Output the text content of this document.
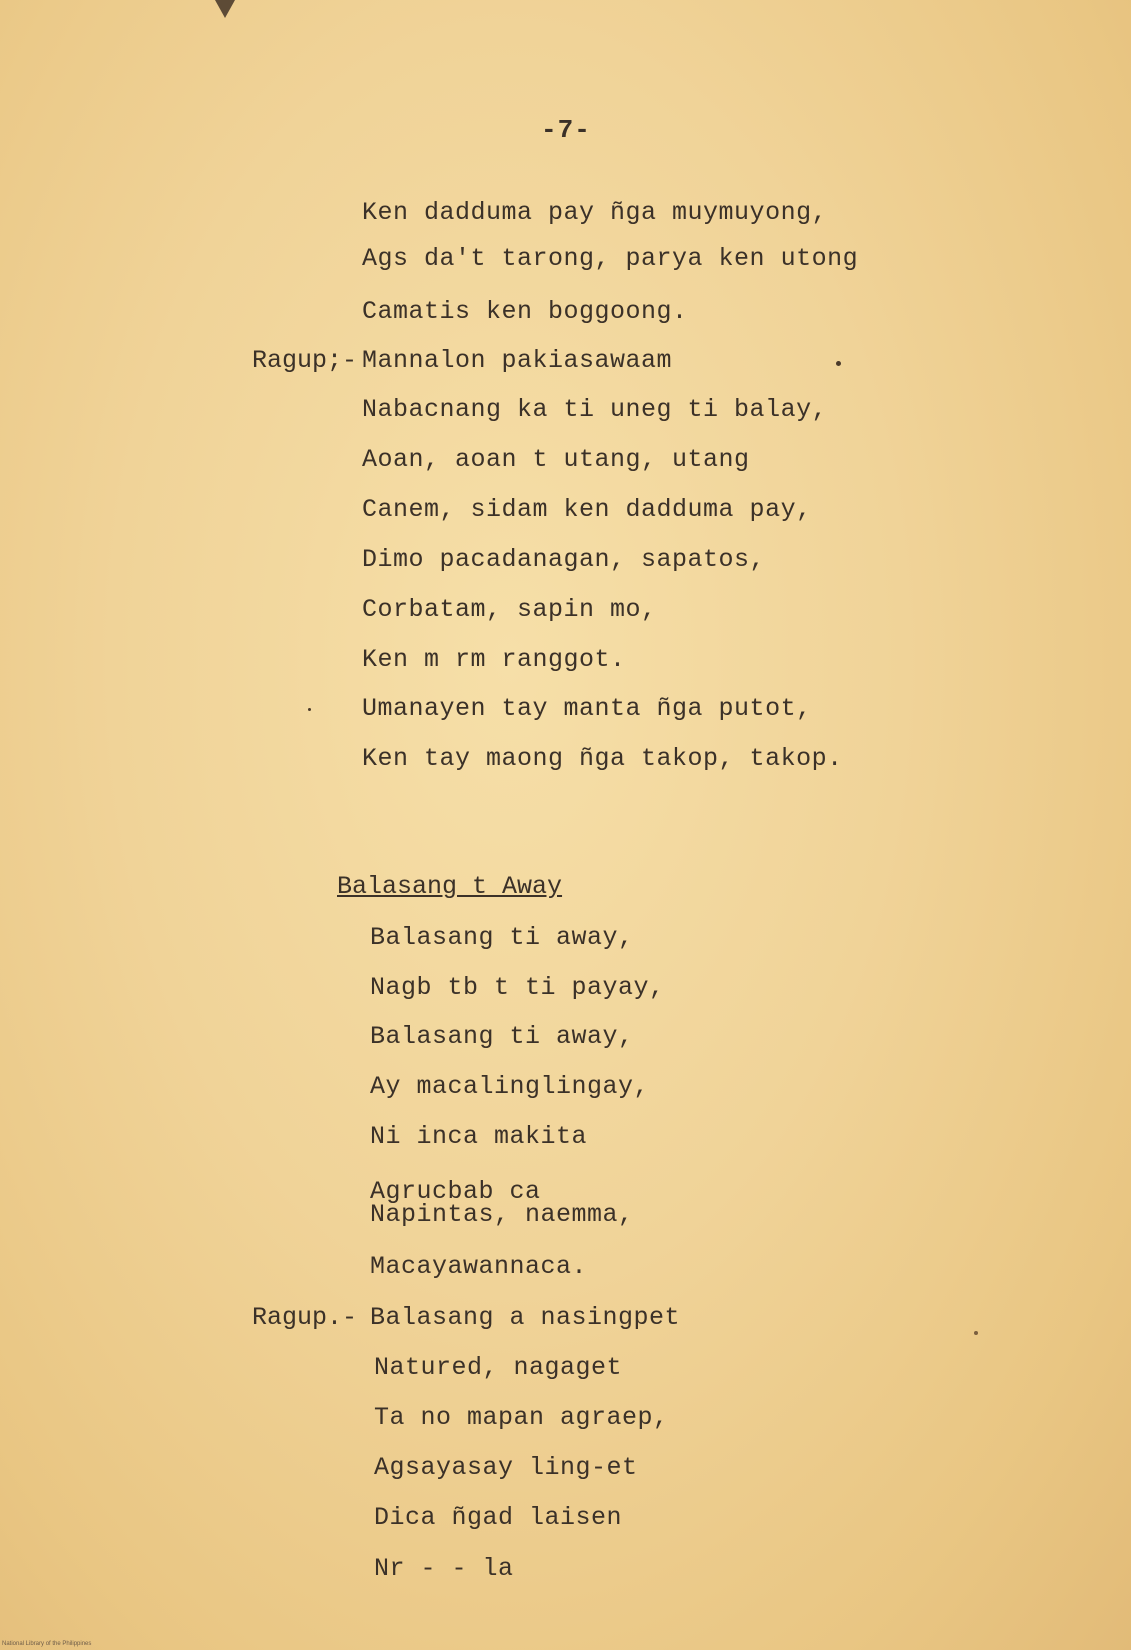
-7-
Ken dadduma pay ñga muymuyong,
Ags da't tarong, parya ken utong
Camatis ken boggoong.
Ragup;- Mannalon pakiasawaam
Nabacnang ka ti uneg ti balay,
Aoan, aoan t utang, utang
Canem, sidam ken dadduma pay,
Dimo pacadanagan, sapatos,
Corbatam, sapin mo,
Ken m rm ranggot.
Umanayen tay manta ñga putot,
Ken tay maong ñga takop, takop.
Balasang t Away
Balasang ti away,
Nagb tb t ti payay,
Balasang ti away,
Ay macalinglingay,
Ni inca makita
Agrucbab ca
Napintas, naemma,
Macayawannaca.
Ragup.- Balasang a nasingpet
Natured, nagaget
Ta no mapan agraep,
Agsayasay ling-et
Dica ñgad laisen
Nr - - la
National Library of the Philippines
